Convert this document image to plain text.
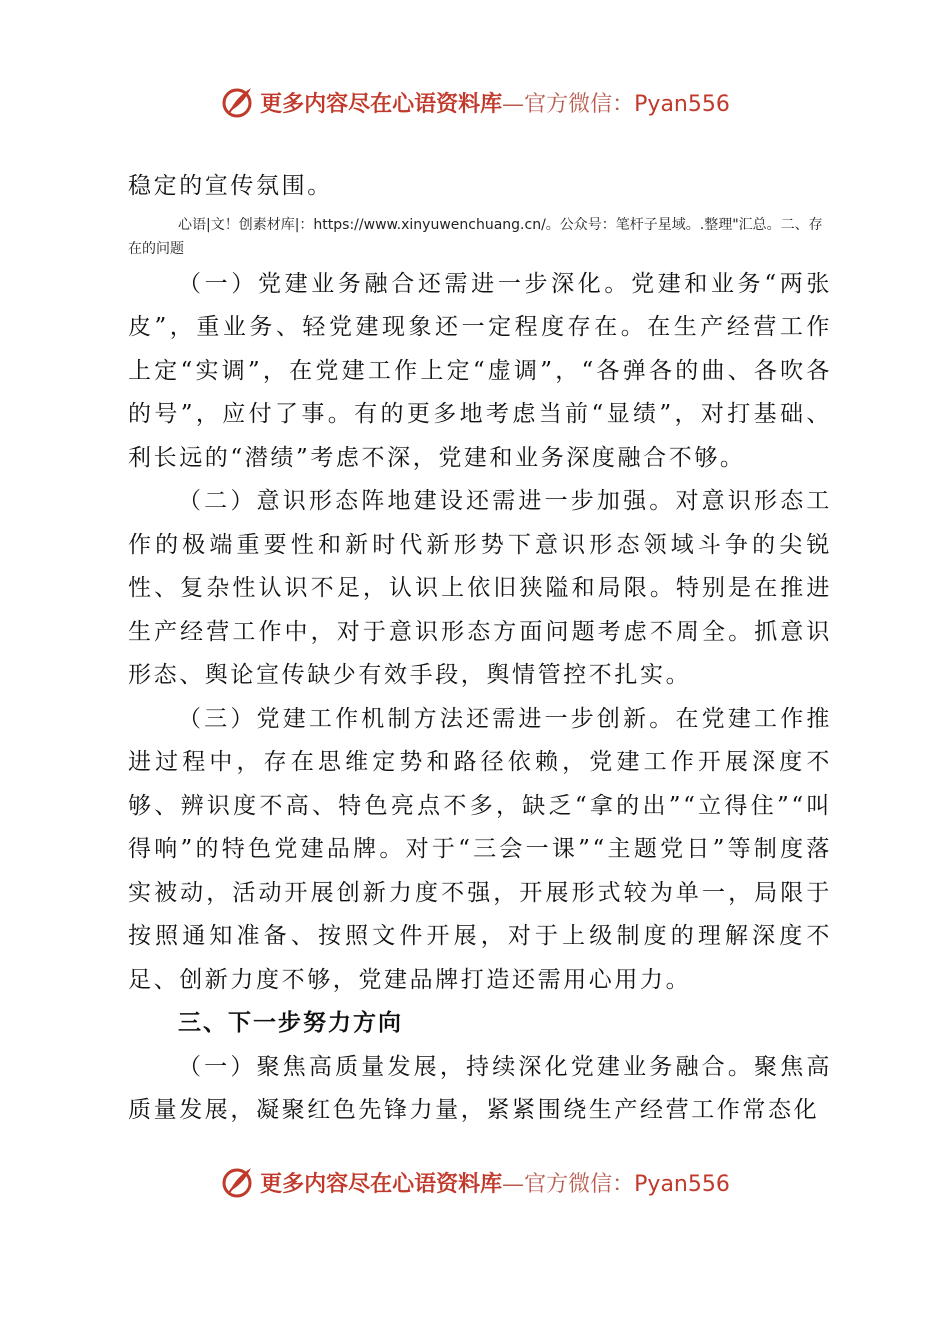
更多内容尽在心语资料库—官方微信：Pyan556

稳定的宣传氛围。

心语|文！创素材库|：https://www.xinyuwenchuang.cn/。公众号：笔杆子星域。.整理"汇总。二、存在的问题

（一）党建业务融合还需进一步深化。党建和业务“两张皮”，重业务、轻党建现象还一定程度存在。在生产经营工作上定“实调”，在党建工作上定“虚调”，“各弹各的曲、各吹各的号”，应付了事。有的更多地考虑当前“显绩”，对打基础、利长远的“潜绩”考虑不深，党建和业务深度融合不够。

（二）意识形态阵地建设还需进一步加强。对意识形态工作的极端重要性和新时代新形势下意识形态领域斗争的尖锐性、复杂性认识不足，认识上依旧狭隘和局限。特别是在推进生产经营工作中，对于意识形态方面问题考虑不周全。抓意识形态、舆论宣传缺少有效手段，舆情管控不扎实。

（三）党建工作机制方法还需进一步创新。在党建工作推进过程中，存在思维定势和路径依赖，党建工作开展深度不够、辨识度不高、特色亮点不多，缺乏“拿的出”“立得住”“叫得响”的特色党建品牌。对于“三会一课”“主题党日”等制度落实被动，活动开展创新力度不强，开展形式较为单一，局限于按照通知准备、按照文件开展，对于上级制度的理解深度不足、创新力度不够，党建品牌打造还需用心用力。

三、下一步努力方向

（一）聚焦高质量发展，持续深化党建业务融合。聚焦高质量发展，凝聚红色先锋力量，紧紧围绕生产经营工作常态化

更多内容尽在心语资料库—官方微信：Pyan556
